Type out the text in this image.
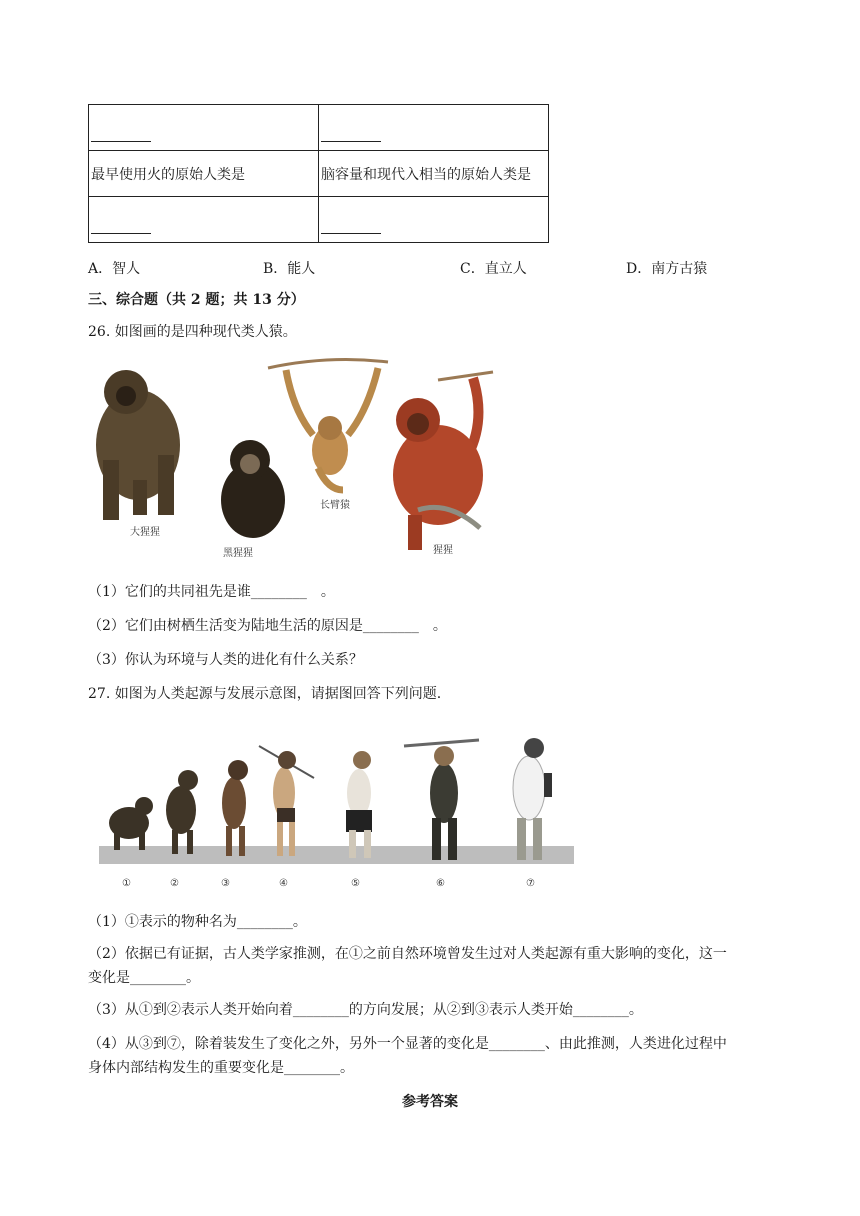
最早使用火的原始人类是	脑容量和现代入相当的原始人类是

A．智人	B．能人	C．直立人	D．南方古猿
三、综合题（共 2 题；共 13 分）
26. 如图画的是四种现代类人猿。
大猩猩
黑猩猩
长臂猿
猩猩
（1）它们的共同祖先是谁________　。
（2）它们由树栖生活变为陆地生活的原因是________　。
（3）你认为环境与人类的进化有什么关系？
27. 如图为人类起源与发展示意图，请据图回答下列问题.
①	②	③	④	⑤	⑥	⑦
（1）①表示的物种名为________。
（2）依据已有证据，古人类学家推测，在①之前自然环境曾发生过对人类起源有重大影响的变化，这一
变化是________。
（3）从①到②表示人类开始向着________的方向发展；从②到③表示人类开始________。
（4）从③到⑦，除着装发生了变化之外，另外一个显著的变化是________、由此推测，人类进化过程中
身体内部结构发生的重要变化是________。
参考答案
